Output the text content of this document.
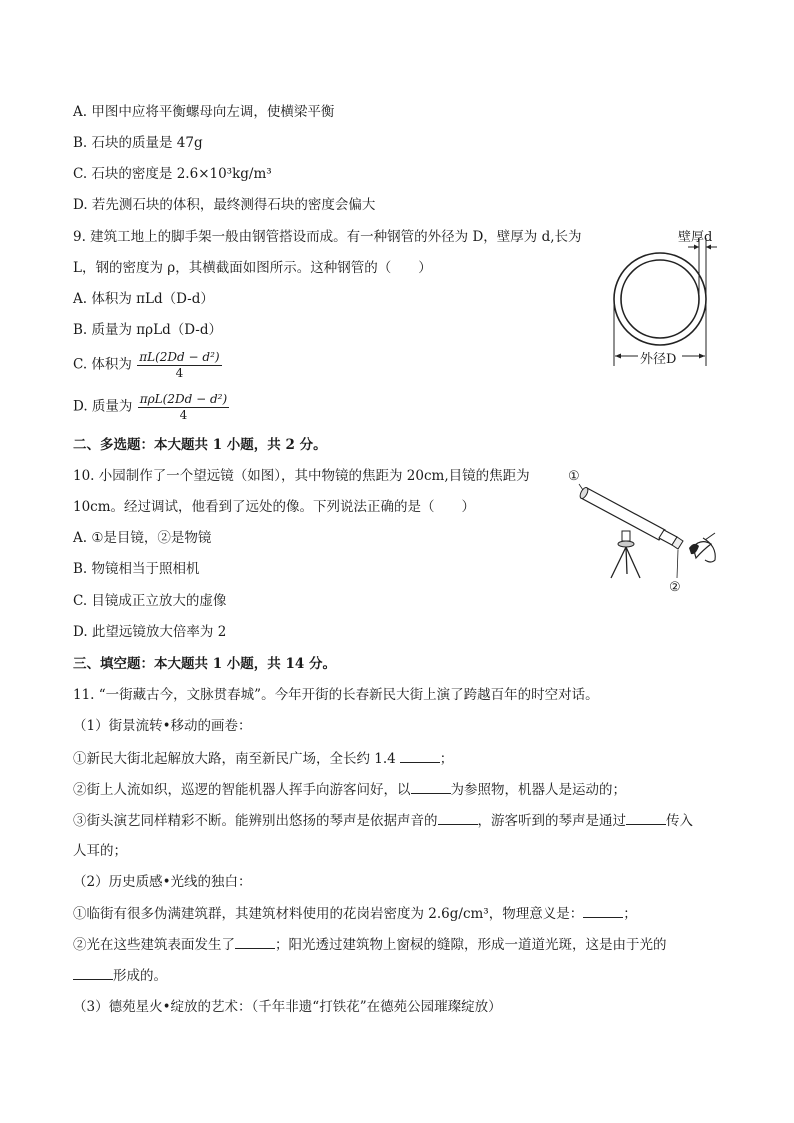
A. 甲图中应将平衡螺母向左调，使横梁平衡
B. 石块的质量是 47g
C. 石块的密度是 2.6×10³kg/m³
D. 若先测石块的体积，最终测得石块的密度会偏大
9. 建筑工地上的脚手架一般由钢管搭设而成。有一种钢管的外径为 D，壁厚为 d,长为
L，钢的密度为 ρ，其横截面如图所示。这种钢管的（　　）
A. 体积为 πLd（D-d）
B. 质量为 πρLd（D-d）
C. 体积为 $\frac{\text{πL(2Dd − d²)}}{4}$
D. 质量为 $\frac{\text{πρL(2Dd − d²)}}{4}$
壁厚d
外径D
二、多选题：本大题共 1 小题，共 2 分。
10. 小园制作了一个望远镜（如图），其中物镜的焦距为 20cm,目镜的焦距为
10cm。经过调试，他看到了远处的像。下列说法正确的是（　　）
A. ①是目镜，②是物镜
B. 物镜相当于照相机
C. 目镜成正立放大的虚像
D. 此望远镜放大倍率为 2
①
②
三、填空题：本大题共 1 小题，共 14 分。
11. “一街藏古今，文脉贯春城”。今年开街的长春新民大街上演了跨越百年的时空对话。
（1）街景流转•移动的画卷：
①新民大街北起解放大路，南至新民广场，全长约 1.4	；
②街上人流如织，巡逻的智能机器人挥手向游客问好，以	为参照物，机器人是运动的；
③街头演艺同样精彩不断。能辨别出悠扬的琴声是依据声音的	，游客听到的琴声是通过	传入
人耳的；
（2）历史质感•光线的独白：
①临街有很多伪满建筑群，其建筑材料使用的花岗岩密度为 2.6g/cm³，物理意义是：	；
②光在这些建筑表面发生了	；阳光透过建筑物上窗棂的缝隙，形成一道道光斑，这是由于光的
形成的。
（3）德苑星火•绽放的艺术：（千年非遗“打铁花”在德苑公园璀璨绽放）
